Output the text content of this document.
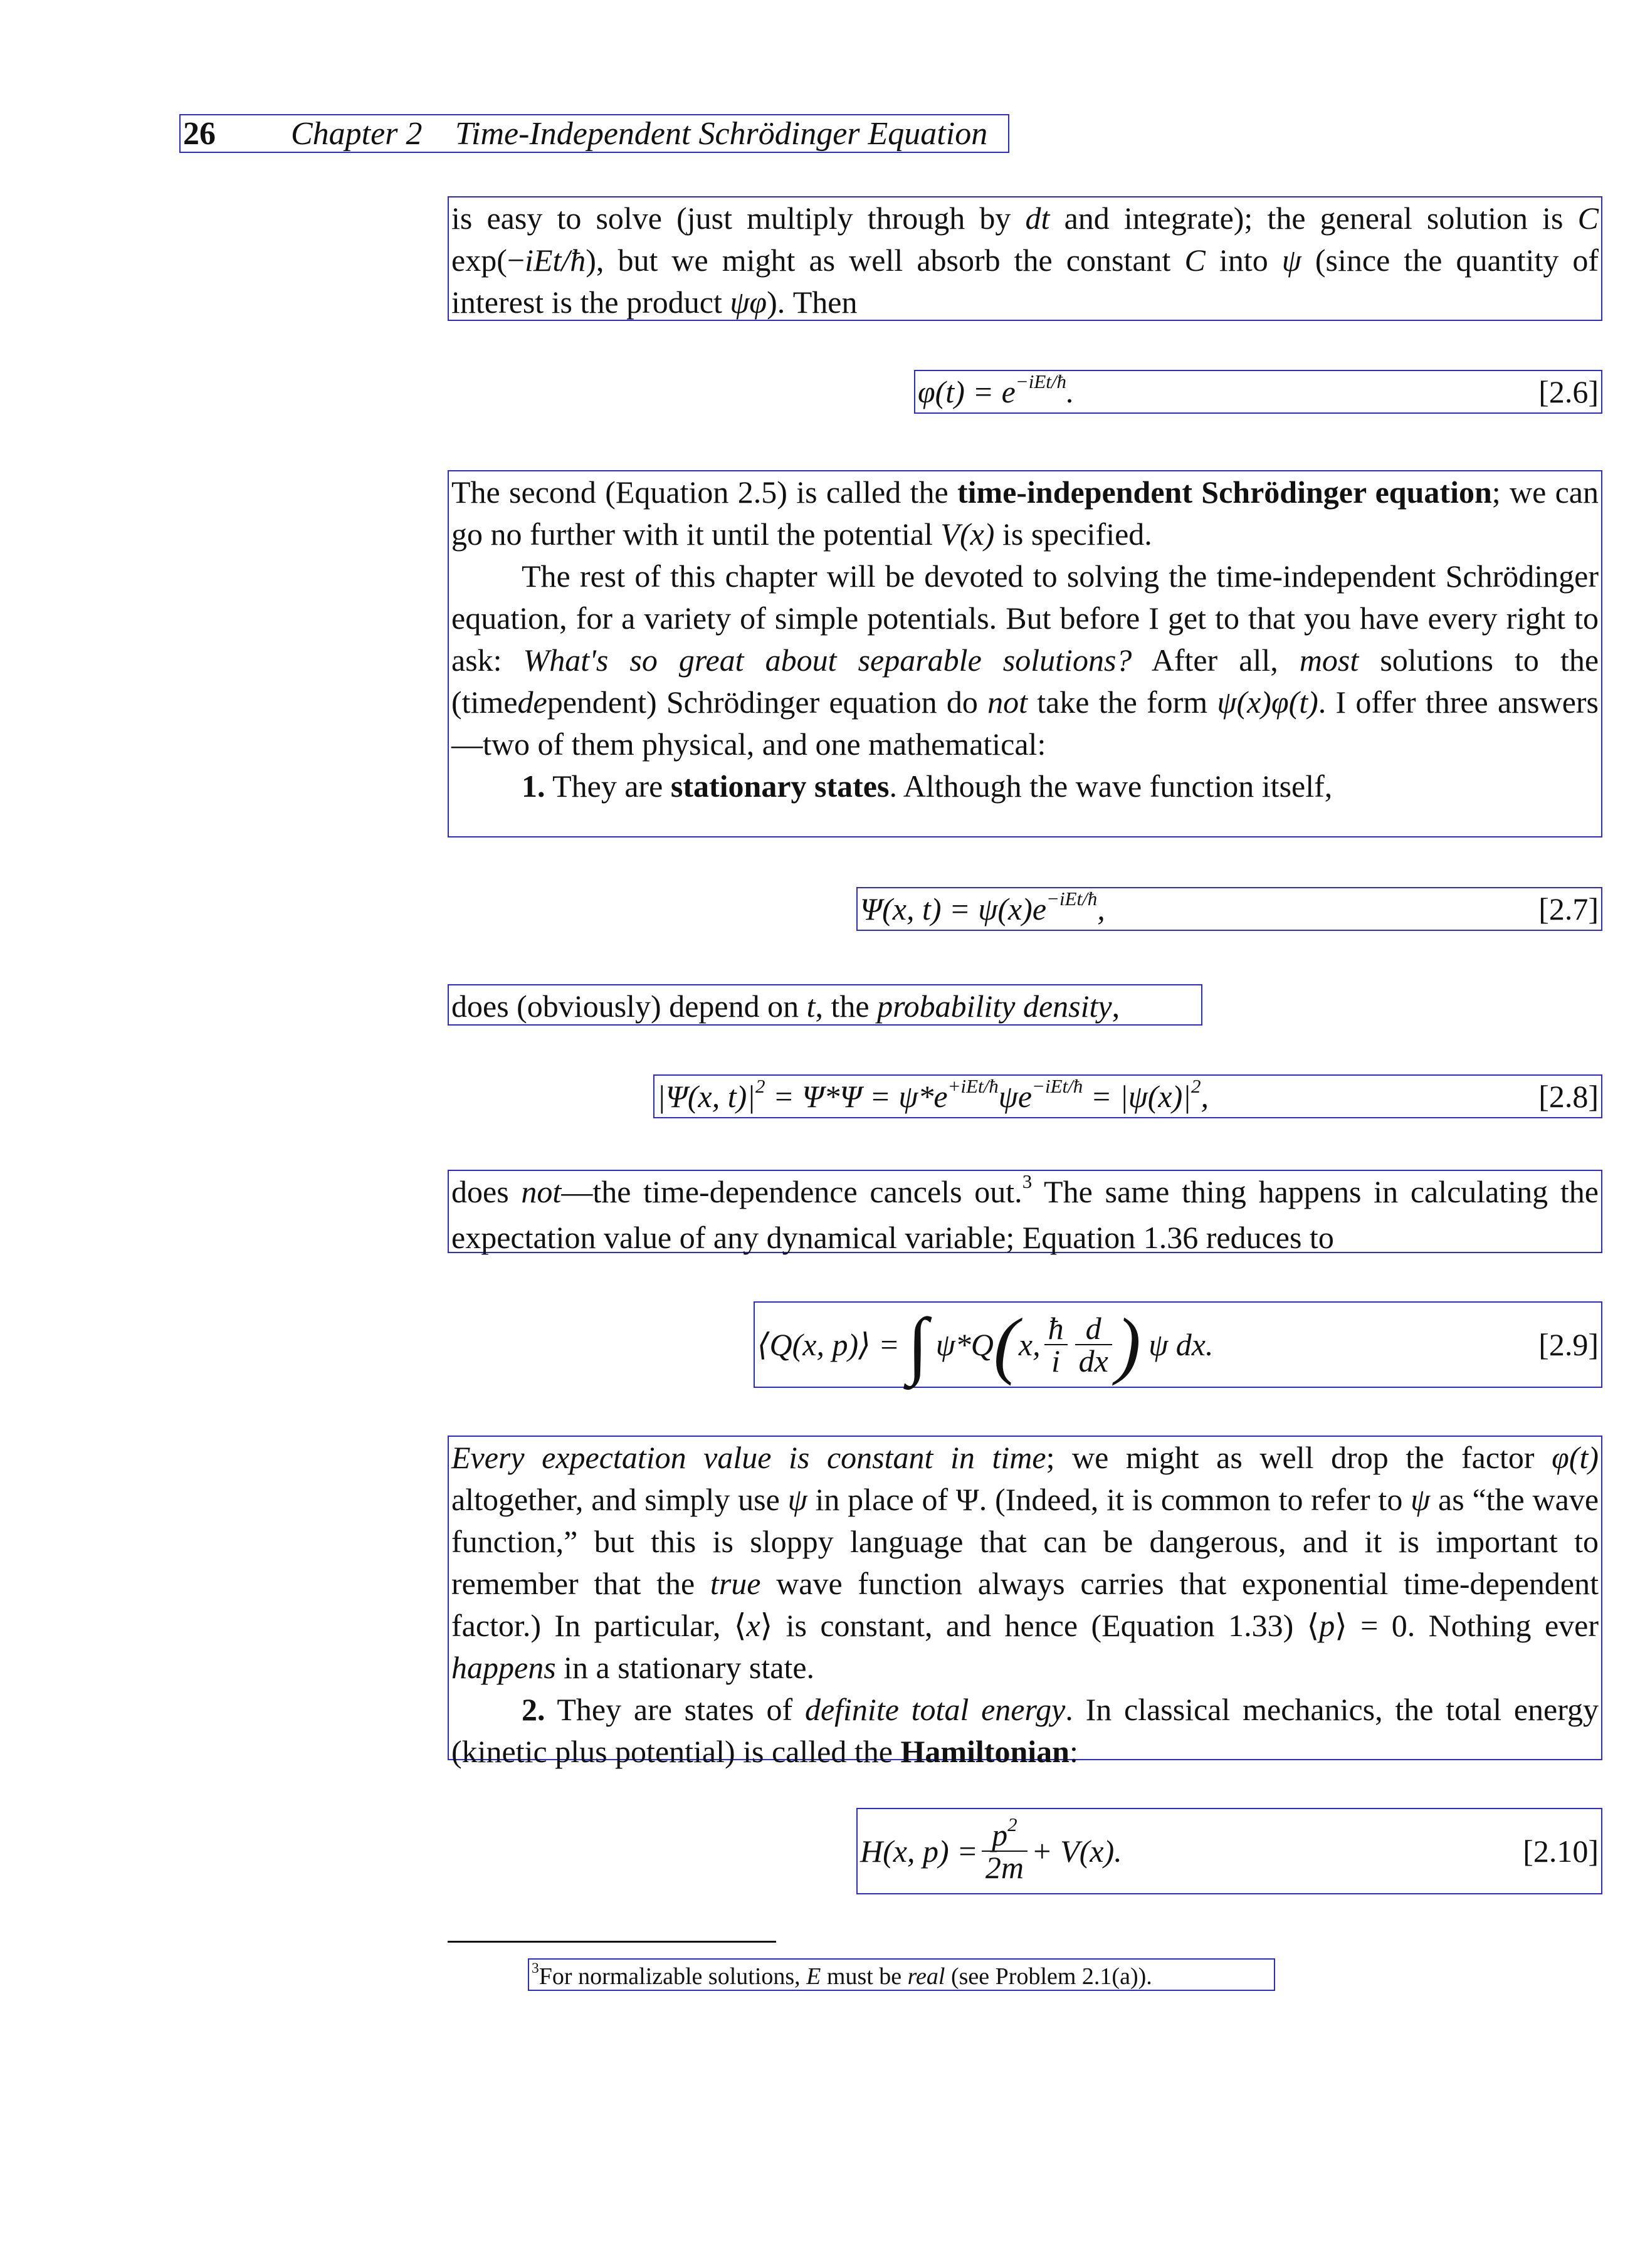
26 Chapter 2 Time-Independent Schrödinger Equation
is easy to solve (just multiply through by dt and integrate); the general solution is C exp(−iEt/ħ), but we might as well absorb the constant C into ψ (since the quantity of interest is the product ψφ). Then
$\varphi(t) = e^{-iEt/ħ}$.	[2.6]
The second (Equation 2.5) is called the time-independent Schrödinger equation; we can go no further with it until the potential V(x) is specified.
The rest of this chapter will be devoted to solving the time-independent Schrödinger equation, for a variety of simple potentials. But before I get to that you have every right to ask: What's so great about separable solutions? After all, most solutions to the (timedependent) Schrödinger equation do not take the form ψ(x)φ(t). I offer three answers—two of them physical, and one mathematical:
1. They are stationary states. Although the wave function itself,
Ψ(x, $t) = \psi(x)e^{-iEt/ħ}$,	[2.7]
does (obviously) depend on t, the probability density,
|Ψ(x, $t)|^2 = \Psi*\Psi = \psi*e^{+iEt/ħ}\psi e^{-iEt/ħ} = |\psi(x)|^2$,	[2.8]
does not—the time-dependence cancels out.$^3$ The same thing happens in calculating the expectation value of any dynamical variable; Equation 1.36 reduces to
⟨Q(x, p)⟩ =
∫
ψ*Q ( x, $\frac{ħ}{i} \frac{d}{dx}$ )
ψ dx.	[2.9]
Every expectation value is constant in time; we might as well drop the factor φ(t) altogether, and simply use ψ in place of Ψ. (Indeed, it is common to refer to ψ as “the wave function,” but this is sloppy language that can be dangerous, and it is important to remember that the true wave function always carries that exponential time-dependent factor.) In particular, ⟨x⟩ is constant, and hence (Equation 1.33) ⟨p⟩ = 0. Nothing ever happens in a stationary state.
2. They are states of definite total energy. In classical mechanics, the total energy (kinetic plus potential) is called the Hamiltonian:
H(x, $p) = \frac{p^2}{2m} + V(x)$.	[2.10]
$^3$For normalizable solutions, E must be real (see Problem 2.1(a)).
